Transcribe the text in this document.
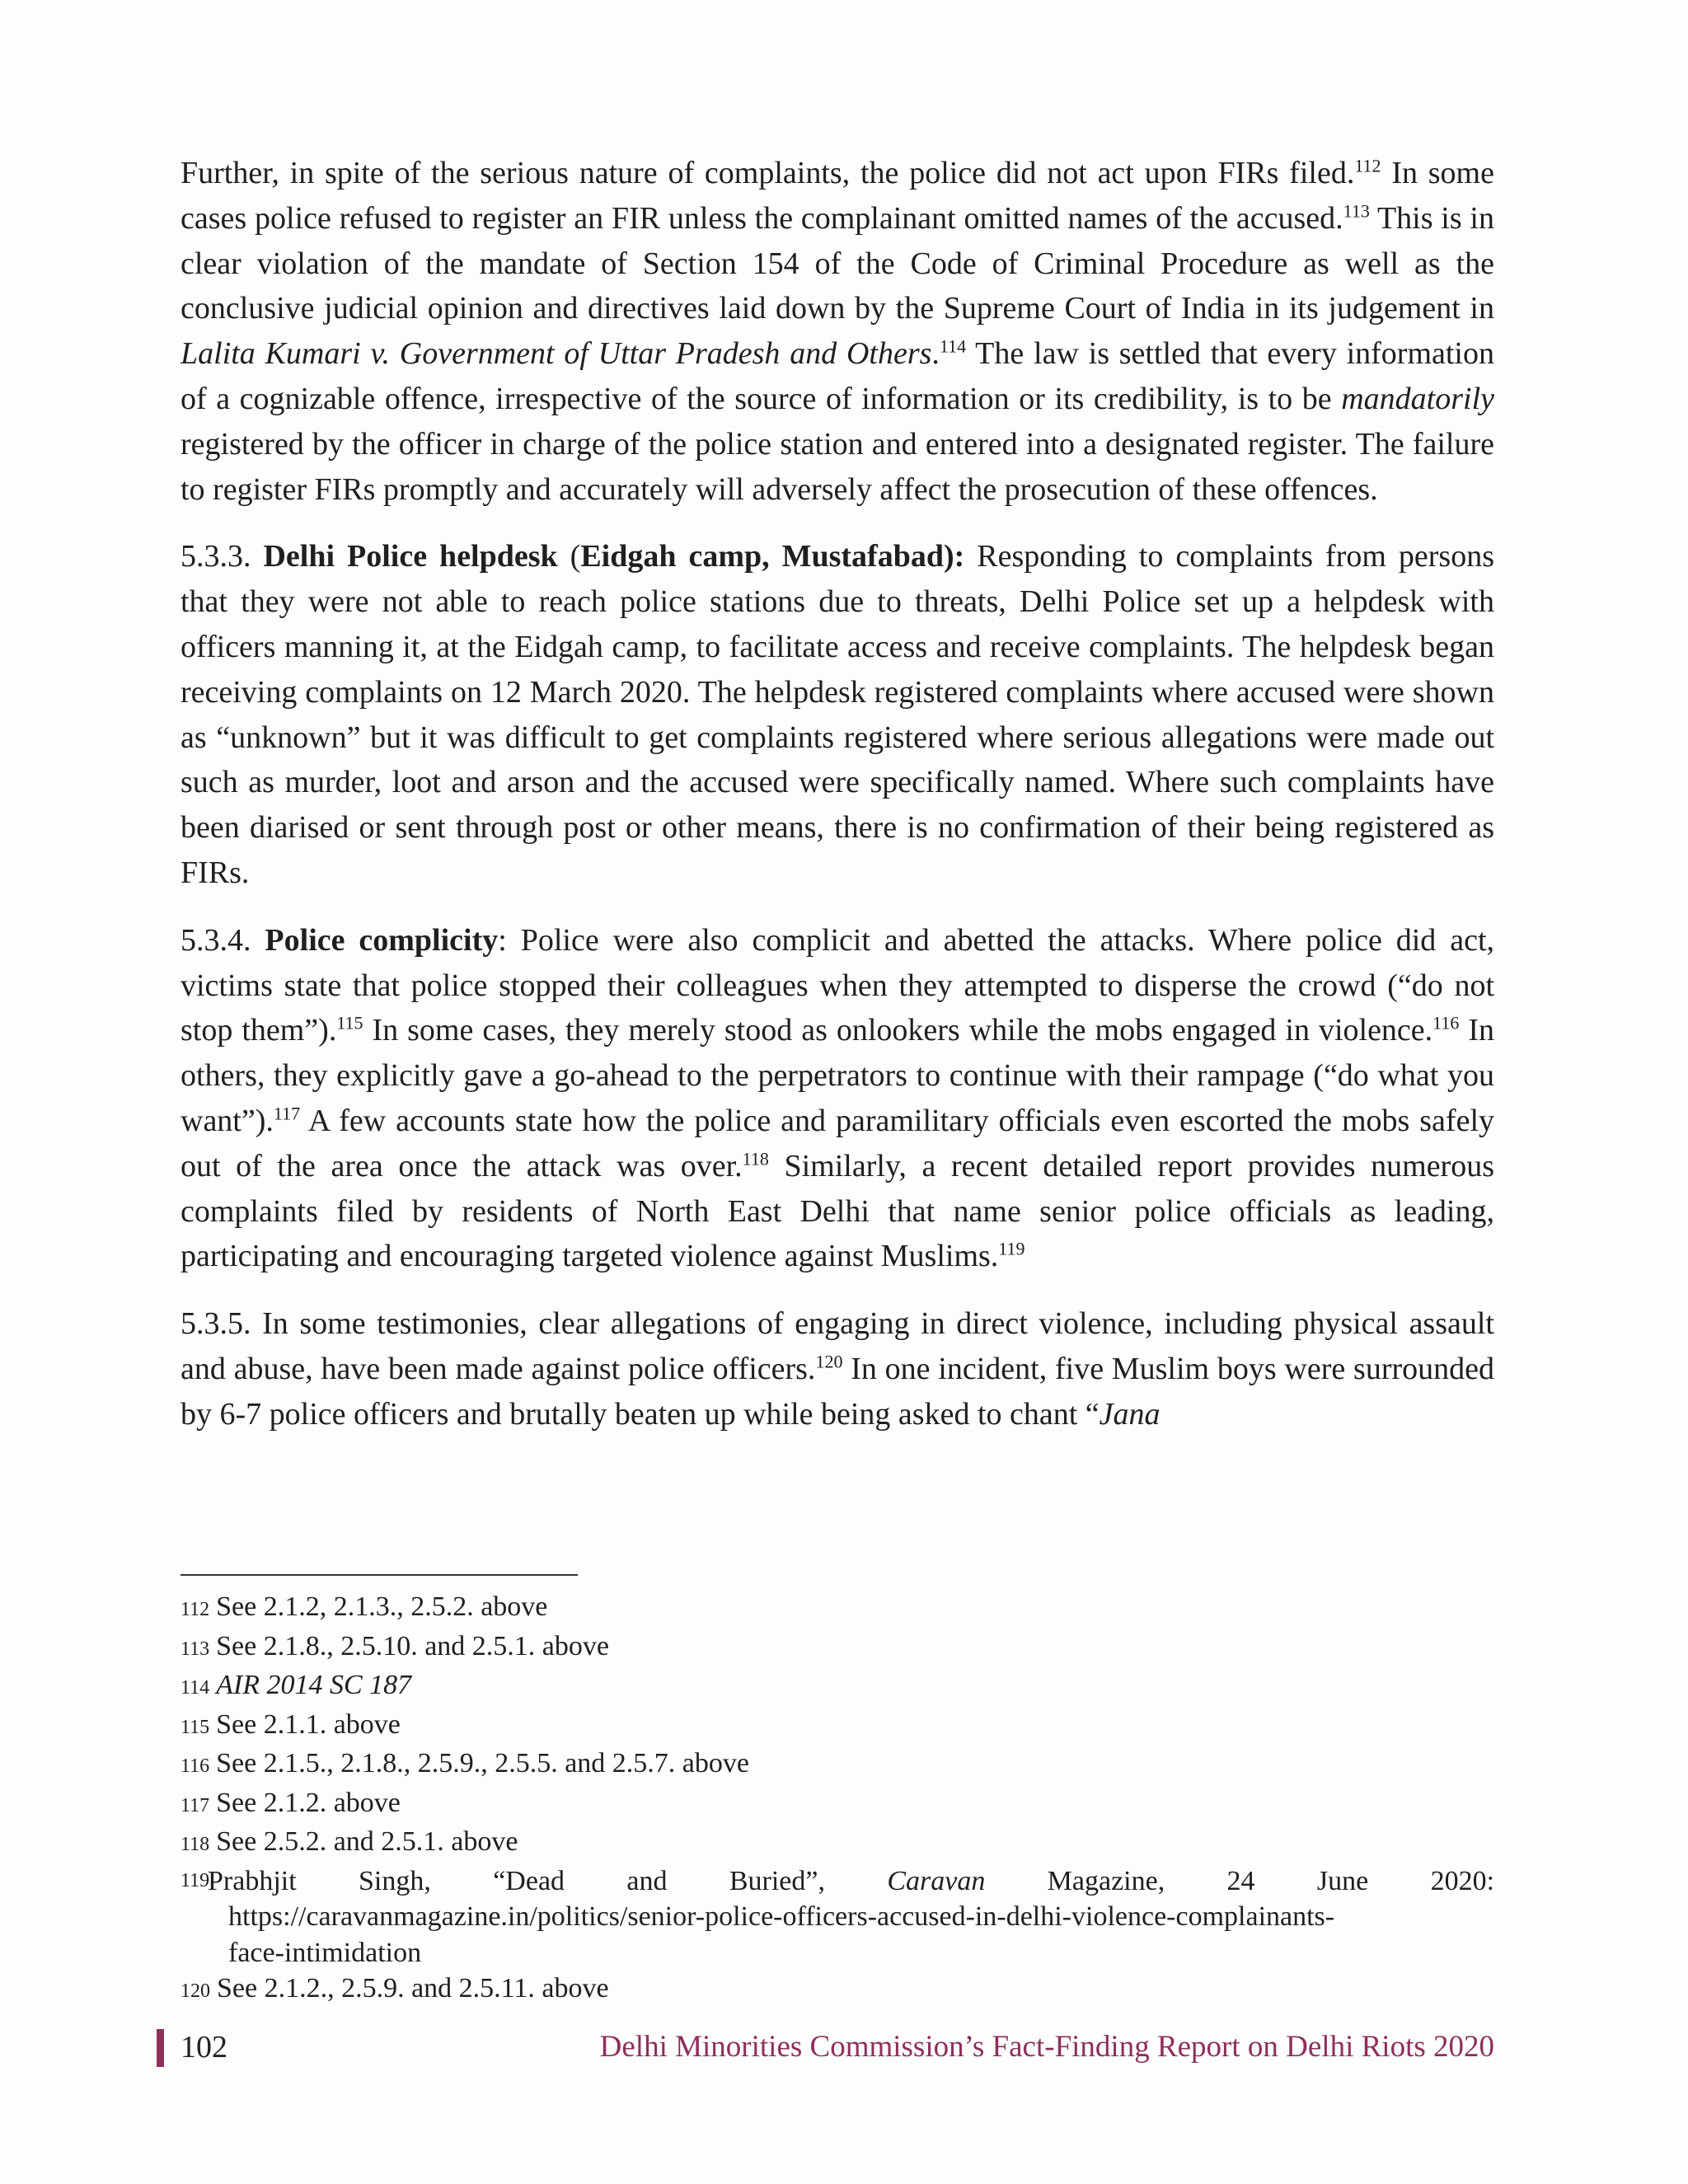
Further, in spite of the serious nature of complaints, the police did not act upon FIRs filed.$^{112}$ In some cases police refused to register an FIR unless the complainant omitted names of the accused.$^{113}$ This is in clear violation of the mandate of Section 154 of the Code of Criminal Procedure as well as the conclusive judicial opinion and directives laid down by the Supreme Court of India in its judgement in Lalita Kumari v. Government of Uttar Pradesh and Others.$^{114}$ The law is settled that every information of a cognizable offence, irrespective of the source of information or its credibility, is to be mandatorily registered by the officer in charge of the police station and entered into a designated register. The failure to register FIRs promptly and accurately will adversely affect the prosecution of these offences.

5.3.3. Delhi Police helpdesk (Eidgah camp, Mustafabad): Responding to complaints from persons that they were not able to reach police stations due to threats, Delhi Police set up a helpdesk with officers manning it, at the Eidgah camp, to facilitate access and receive complaints. The helpdesk began receiving complaints on 12 March 2020. The helpdesk registered complaints where accused were shown as “unknown” but it was difficult to get complaints registered where serious allegations were made out such as murder, loot and arson and the accused were specifically named. Where such complaints have been diarised or sent through post or other means, there is no confirmation of their being registered as FIRs.

5.3.4. Police complicity: Police were also complicit and abetted the attacks. Where police did act, victims state that police stopped their colleagues when they attempted to disperse the crowd (“do not stop them”).$^{115}$ In some cases, they merely stood as onlookers while the mobs engaged in violence.$^{116}$ In others, they explicitly gave a go-ahead to the perpetrators to continue with their rampage (“do what you want”).$^{117}$ A few accounts state how the police and paramilitary officials even escorted the mobs safely out of the area once the attack was over.$^{118}$ Similarly, a recent detailed report provides numerous complaints filed by residents of North East Delhi that name senior police officials as leading, participating and encouraging targeted violence against Muslims.$^{119}$

5.3.5. In some testimonies, clear allegations of engaging in direct violence, including physical assault and abuse, have been made against police officers.$^{120}$ In one incident, five Muslim boys were surrounded by 6-7 police officers and brutally beaten up while being asked to chant “Jana

112 See 2.1.2, 2.1.3., 2.5.2. above
113 See 2.1.8., 2.5.10. and 2.5.1. above
114 AIR 2014 SC 187
115 See 2.1.1. above
116 See 2.1.5., 2.1.8., 2.5.9., 2.5.5. and 2.5.7. above
117 See 2.1.2. above
118 See 2.5.2. and 2.5.1. above
119
Prabhjit Singh, “Dead and Buried”, Caravan Magazine, 24 June 2020:
https://caravanmagazine.in/politics/senior-police-officers-accused-in-delhi-violence-complainants-
face-intimidation
120 See 2.1.2., 2.5.9. and 2.5.11. above
102	Delhi Minorities Commission’s Fact-Finding Report on Delhi Riots 2020
